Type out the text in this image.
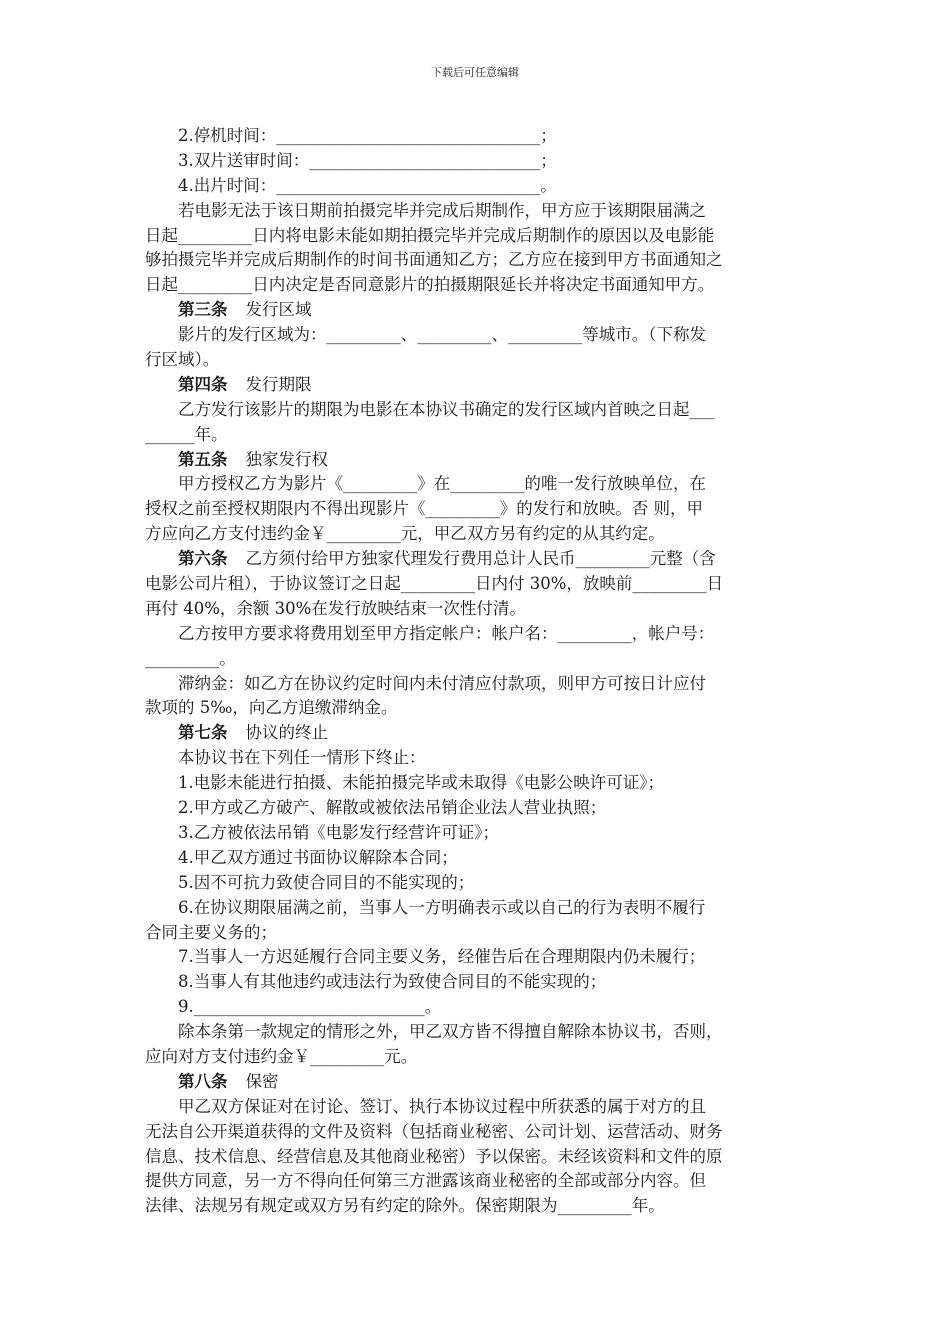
下载后可任意编辑
2.停机时间：________________________________；
3.双片送审时间：____________________________；
4.出片时间：________________________________。
若电影无法于该日期前拍摄完毕并完成后期制作，甲方应于该期限届满之
日起_________日内将电影未能如期拍摄完毕并完成后期制作的原因以及电影能
够拍摄完毕并完成后期制作的时间书面通知乙方；乙方应在接到甲方书面通知之
日起_________日内决定是否同意影片的拍摄期限延长并将决定书面通知甲方。
第三条 发行区域
影片的发行区域为：_________、_________、_________等城市。（下称发
行区域）。
第四条 发行期限
乙方发行该影片的期限为电影在本协议书确定的发行区域内首映之日起___
______年。
第五条 独家发行权
甲方授权乙方为影片《_________》在_________的唯一发行放映单位，在
授权之前至授权期限内不得出现影片《_________》的发行和放映。否 则，甲
方应向乙方支付违约金￥_________元，甲乙双方另有约定的从其约定。
第六条 乙方须付给甲方独家代理发行费用总计人民币_________元整（含
电影公司片租），于协议签订之日起_________日内付 30%，放映前_________日
再付 40%，余额 30%在发行放映结束一次性付清。
乙方按甲方要求将费用划至甲方指定帐户：帐户名：_________，帐户号：
_________。
滞纳金：如乙方在协议约定时间内未付清应付款项，则甲方可按日计应付
款项的 5‰，向乙方追缴滞纳金。
第七条 协议的终止
本协议书在下列任一情形下终止：
1.电影未能进行拍摄、未能拍摄完毕或未取得《电影公映许可证》；
2.甲方或乙方破产、解散或被依法吊销企业法人营业执照；
3.乙方被依法吊销《电影发行经营许可证》；
4.甲乙双方通过书面协议解除本合同；
5.因不可抗力致使合同目的不能实现的；
6.在协议期限届满之前，当事人一方明确表示或以自己的行为表明不履行
合同主要义务的；
7.当事人一方迟延履行合同主要义务，经催告后在合理期限内仍未履行；
8.当事人有其他违约或违法行为致使合同目的不能实现的；
9.____________________________。
除本条第一款规定的情形之外，甲乙双方皆不得擅自解除本协议书，否则，
应向对方支付违约金￥_________元。
第八条 保密
甲乙双方保证对在讨论、签订、执行本协议过程中所获悉的属于对方的且
无法自公开渠道获得的文件及资料（包括商业秘密、公司计划、运营活动、财务
信息、技术信息、经营信息及其他商业秘密）予以保密。未经该资料和文件的原
提供方同意，另一方不得向任何第三方泄露该商业秘密的全部或部分内容。但
法律、法规另有规定或双方另有约定的除外。保密期限为_________年。
